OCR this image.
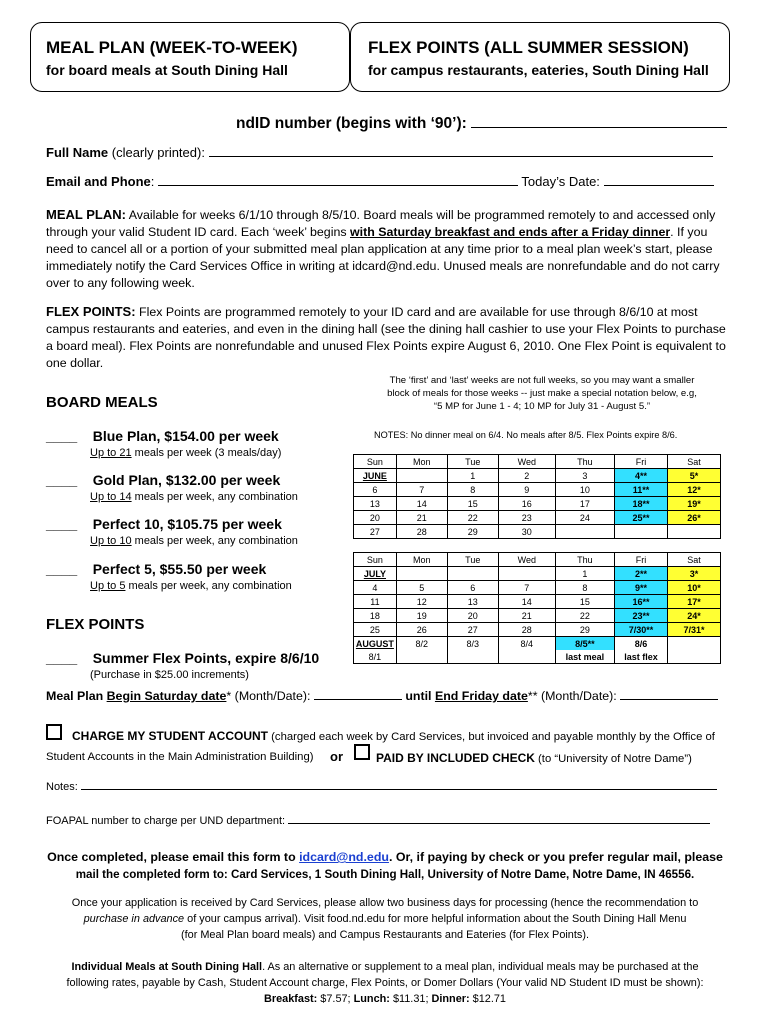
MEAL PLAN (WEEK-TO-WEEK)
for board meals at South Dining Hall
FLEX POINTS (ALL SUMMER SESSION)
for campus restaurants, eateries, South Dining Hall
ndID number (begins with ‘90’):
Full Name (clearly printed):
Email and Phone:	Today’s Date:
MEAL PLAN: Available for weeks 6/1/10 through 8/5/10. Board meals will be programmed remotely to and accessed only through your valid Student ID card. Each ‘week’ begins with Saturday breakfast and ends after a Friday dinner. If you need to cancel all or a portion of your submitted meal plan application at any time prior to a meal plan week’s start, please immediately notify the Card Services Office in writing at idcard@nd.edu. Unused meals are nonrefundable and do not carry over to any following week.
FLEX POINTS: Flex Points are programmed remotely to your ID card and are available for use through 8/6/10 at most campus restaurants and eateries, and even in the dining hall (see the dining hall cashier to use your Flex Points to purchase a board meal). Flex Points are nonrefundable and unused Flex Points expire August 6, 2010. One Flex Point is equivalent to one dollar.
The ‘first’ and ‘last’ weeks are not full weeks, so you may want a smaller
block of meals for those weeks -- just make a special notation below, e.g,
“5 MP for June 1 - 4; 10 MP for July 31 - August 5.”
NOTES: No dinner meal on 6/4. No meals after 8/5. Flex Points expire 8/6.
BOARD MEALS
____ Blue Plan, $154.00 per week
Up to 21 meals per week (3 meals/day)
____ Gold Plan, $132.00 per week
Up to 14 meals per week, any combination
____ Perfect 10, $105.75 per week
Up to 10 meals per week, any combination
____ Perfect 5, $55.50 per week
Up to 5 meals per week, any combination
FLEX POINTS
____ Summer Flex Points, expire 8/6/10
(Purchase in $25.00 increments)
Sun	Mon	Tue	Wed	Thu	Fri	Sat
JUNE		1	2	3	4**	5*
6	7	8	9	10	11**	12*
13	14	15	16	17	18**	19*
20	21	22	23	24	25**	26*
27	28	29	30			
Sun	Mon	Tue	Wed	Thu	Fri	Sat
JULY				1	2**	3*
4	5	6	7	8	9**	10*
11	12	13	14	15	16**	17*
18	19	20	21	22	23**	24*
25	26	27	28	29	7/30**	7/31*
AUGUST	8/2	8/3	8/4	8/5**	8/6	
8/1				last meal	last flex	
Meal Plan Begin Saturday date* (Month/Date):	until End Friday date** (Month/Date):
CHARGE MY STUDENT ACCOUNT (charged each week by Card Services, but invoiced and payable monthly by the Office of
Student Accounts in the Main Administration Building) or	PAID BY INCLUDED CHECK (to “University of Notre Dame”)
Notes:
FOAPAL number to charge per UND department:
Once completed, please email this form to idcard@nd.edu. Or, if paying by check or you prefer regular mail, please
mail the completed form to: Card Services, 1 South Dining Hall, University of Notre Dame, Notre Dame, IN 46556.
Once your application is received by Card Services, please allow two business days for processing (hence the recommendation to
purchase in advance of your campus arrival). Visit food.nd.edu for more helpful information about the South Dining Hall Menu
(for Meal Plan board meals) and Campus Restaurants and Eateries (for Flex Points).
Individual Meals at South Dining Hall. As an alternative or supplement to a meal plan, individual meals may be purchased at the
following rates, payable by Cash, Student Account charge, Flex Points, or Domer Dollars (Your valid ND Student ID must be shown):
Breakfast: $7.57; Lunch: $11.31; Dinner: $12.71
